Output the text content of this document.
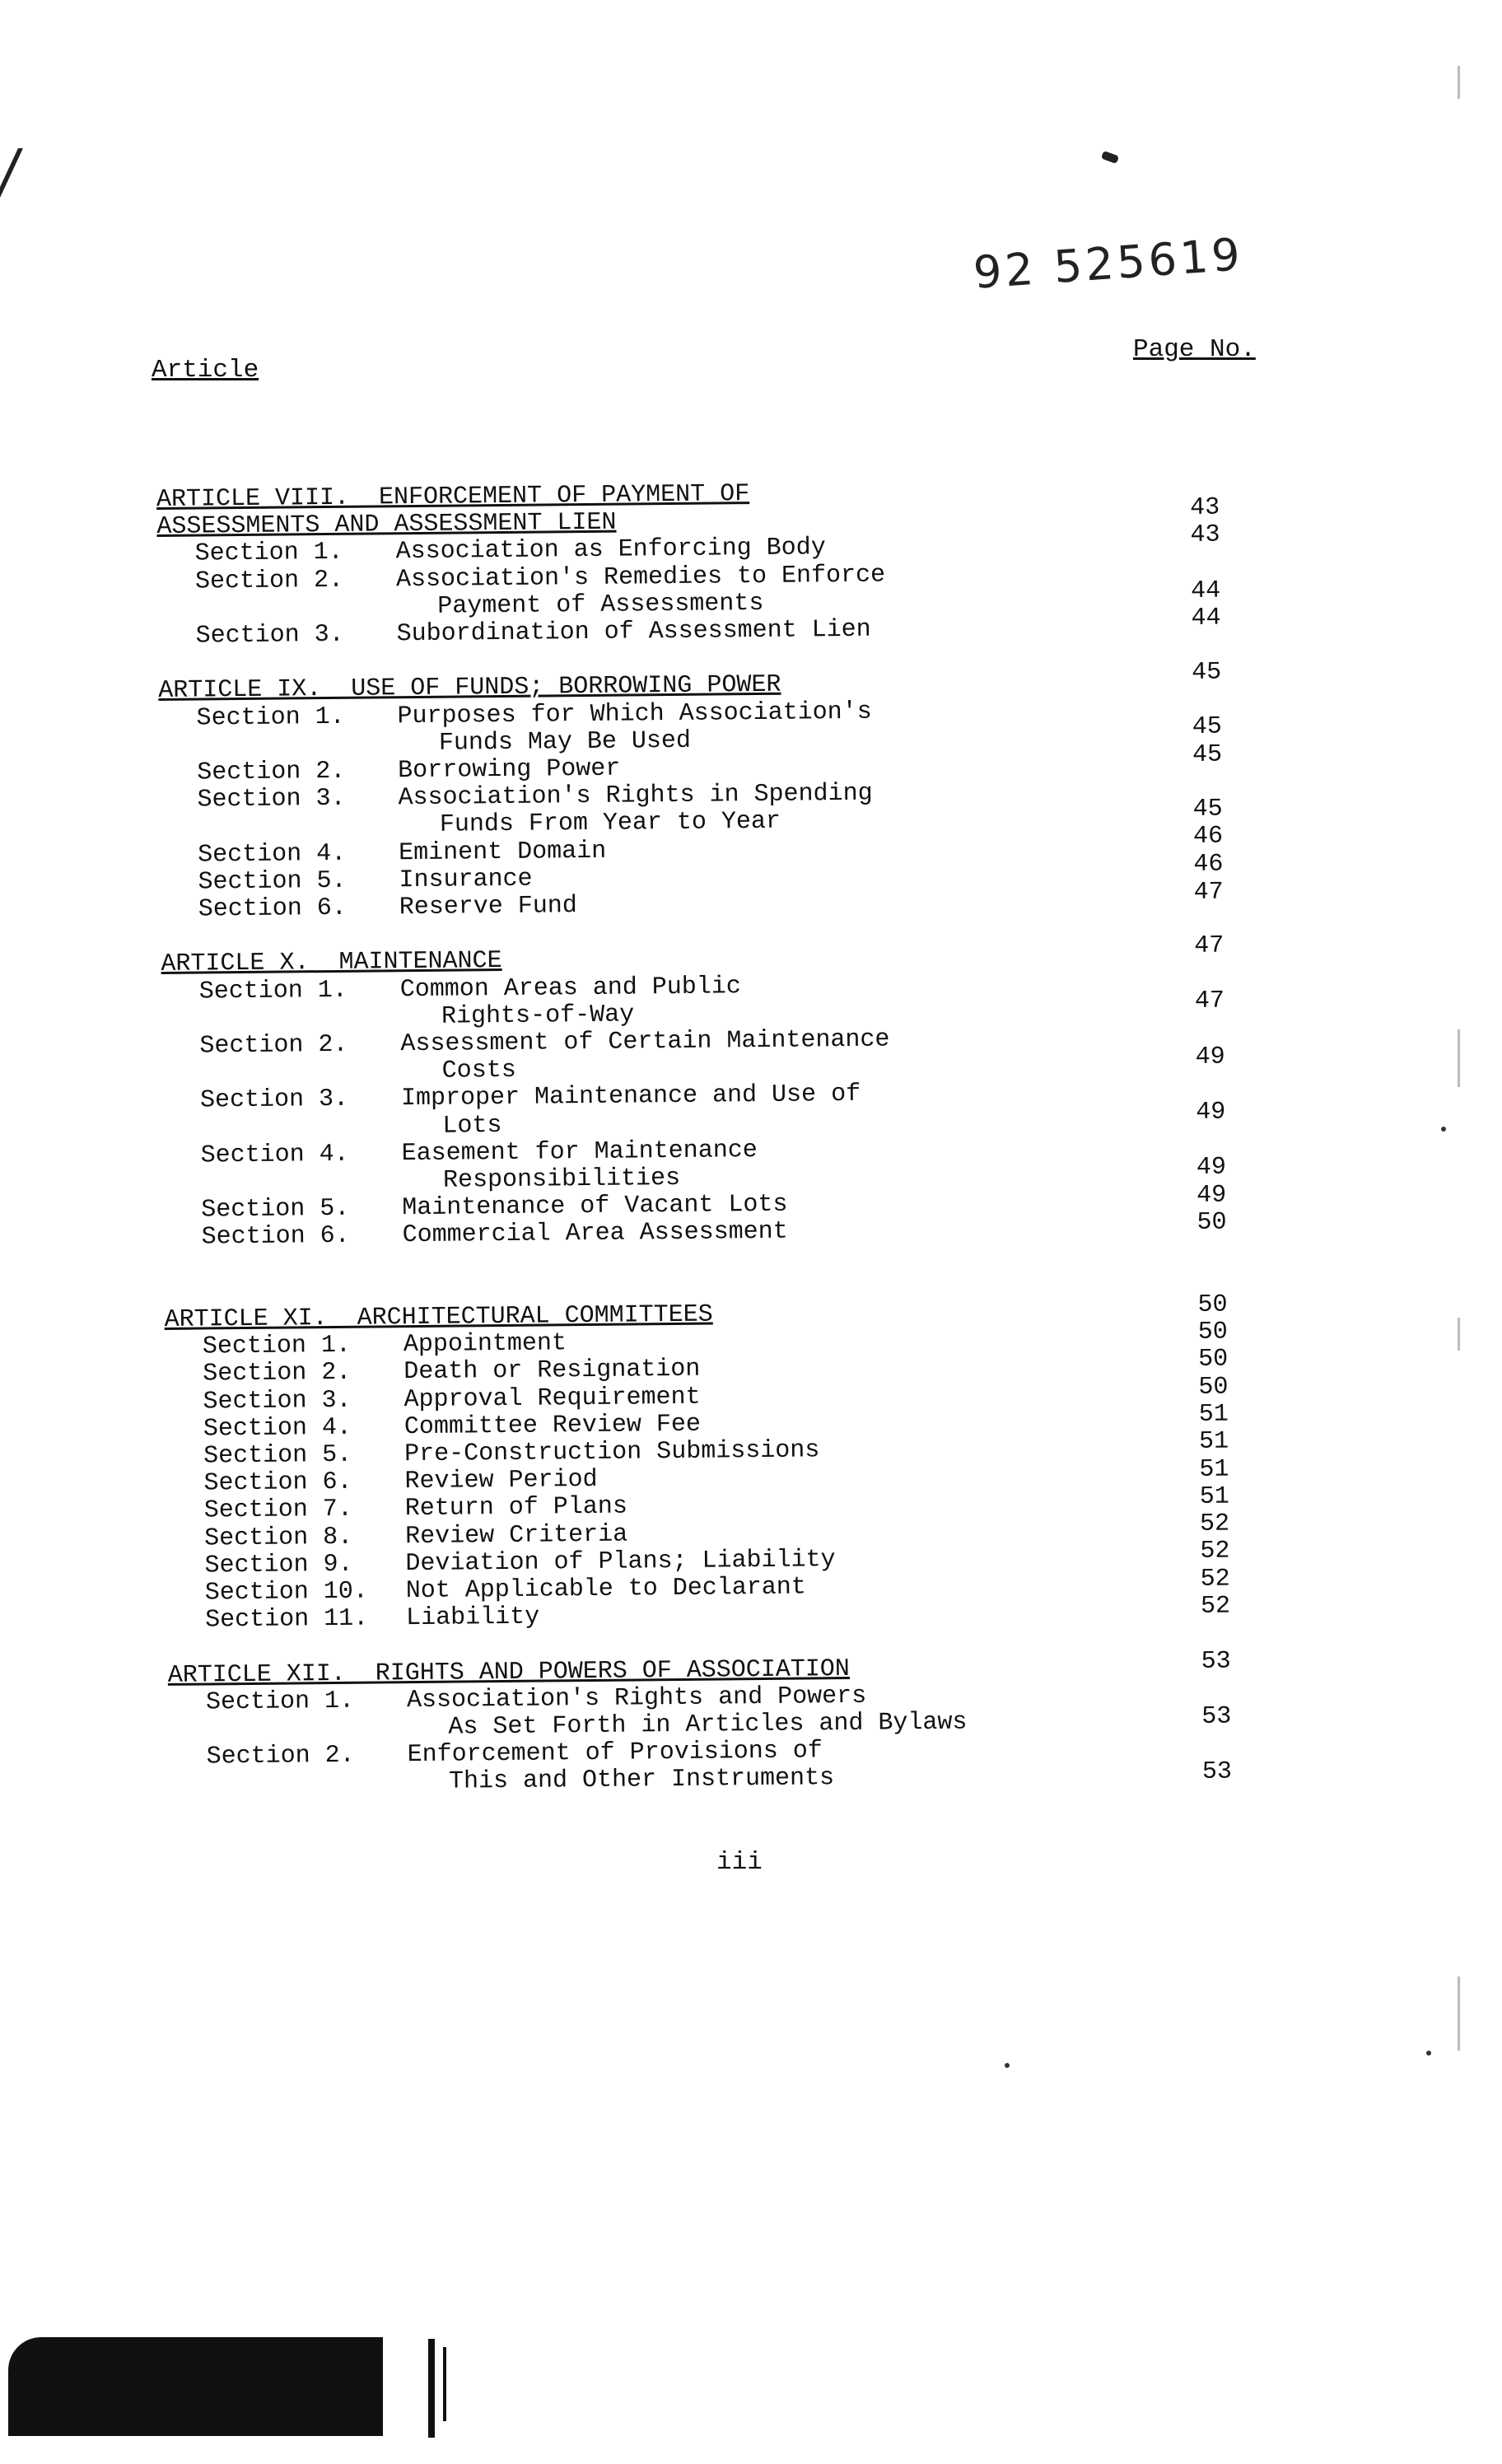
92 525619
Article
Page No.
ARTICLE VIII.  ENFORCEMENT OF PAYMENT OF
ASSESSMENTS AND ASSESSMENT LIEN
Section 1. Association as Enforcing Body
Section 2. Association's Remedies to Enforce
Payment of Assessments
Section 3. Subordination of Assessment Lien
ARTICLE IX.  USE OF FUNDS; BORROWING POWER
Section 1. Purposes for Which Association's
Funds May Be Used
Section 2. Borrowing Power
Section 3. Association's Rights in Spending
Funds From Year to Year
Section 4. Eminent Domain
Section 5. Insurance
Section 6. Reserve Fund
ARTICLE X.  MAINTENANCE
Section 1. Common Areas and Public
Rights-of-Way
Section 2. Assessment of Certain Maintenance
Costs
Section 3. Improper Maintenance and Use of
Lots
Section 4. Easement for Maintenance
Responsibilities
Section 5. Maintenance of Vacant Lots
Section 6. Commercial Area Assessment
ARTICLE XI.  ARCHITECTURAL COMMITTEES
Section 1. Appointment
Section 2. Death or Resignation
Section 3. Approval Requirement
Section 4. Committee Review Fee
Section 5. Pre-Construction Submissions
Section 6. Review Period
Section 7. Return of Plans
Section 8. Review Criteria
Section 9. Deviation of Plans; Liability
Section 10. Not Applicable to Declarant
Section 11. Liability
ARTICLE XII.  RIGHTS AND POWERS OF ASSOCIATION
Section 1. Association's Rights and Powers
As Set Forth in Articles and Bylaws
Section 2. Enforcement of Provisions of
This and Other Instruments
43
43
44
44
45
45
45
45
46
46
47
47
47
49
49
49
49
50
50
50
50
50
51
51
51
51
52
52
52
52
53
53
53
iii
